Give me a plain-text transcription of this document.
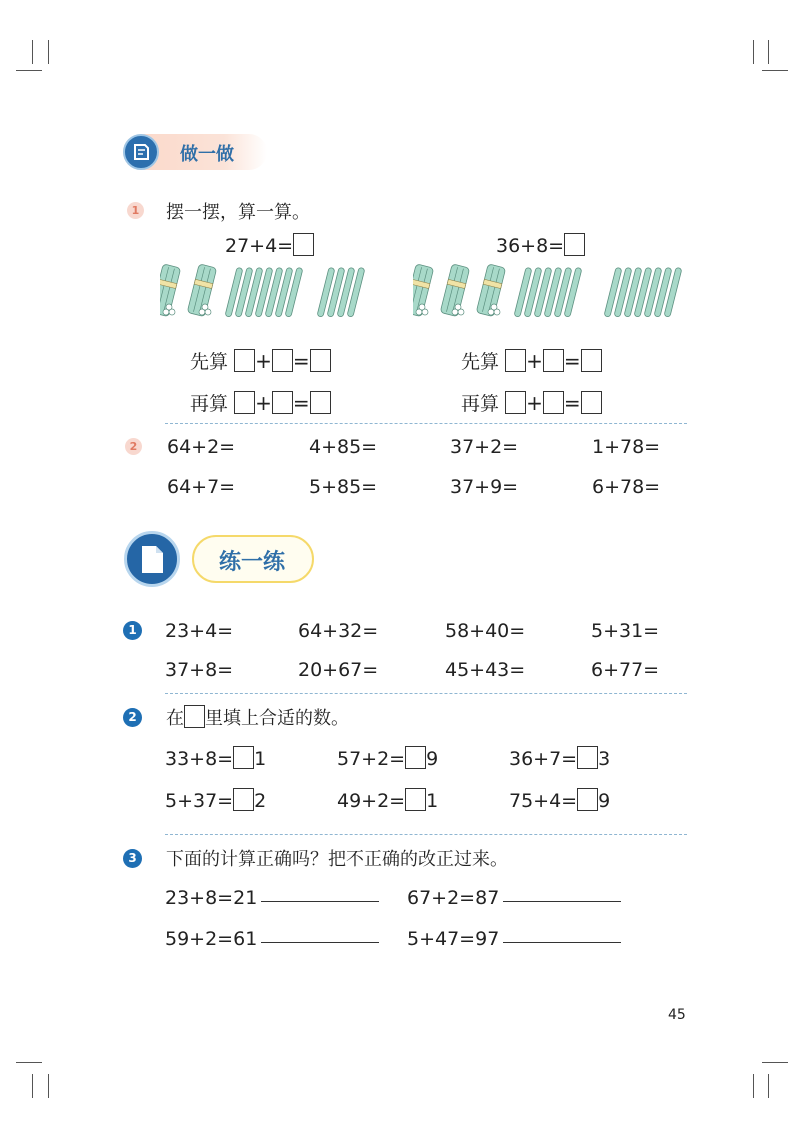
做一做
1 摆一摆，算一算。
27+4=	36+8=
先算 + =
再算 + =
先算 + =
再算 + =
2 64+2=	4+85=	37+2=	1+78=
64+7=	5+85=	37+9=	6+78=
练一练
1 23+4=	64+32=	58+40=	5+31=
37+8=	20+67=	45+43=	6+77=
2 在 里填上合适的数。
33+8= 1	57+2= 9	36+7= 3
5+37= 2	49+2= 1	75+4= 9
3 下面的计算正确吗？把不正确的改正过来。
23+8=21	67+2=87
59+2=61	5+47=97
45
